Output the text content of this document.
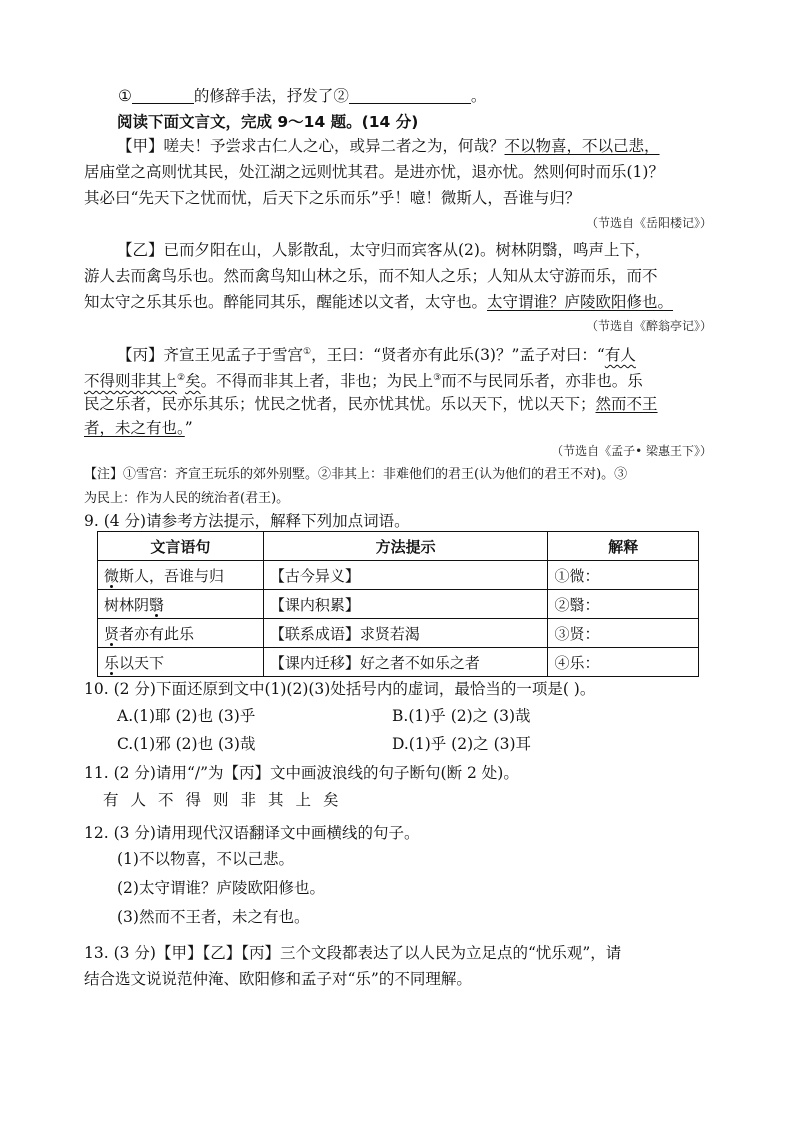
①	的修辞手法，抒发了②	。
阅读下面文言文，完成 9～14 题。(14 分)
【甲】嗟夫！予尝求古仁人之心，或异二者之为，何哉？不以物喜，不以己悲，
居庙堂之高则忧其民，处江湖之远则忧其君。是进亦忧，退亦忧。然则何时而乐(1)？
其必曰“先天下之忧而忧，后天下之乐而乐”乎！噫！微斯人，吾谁与归？
（节选自《岳阳楼记》）
【乙】已而夕阳在山，人影散乱，太守归而宾客从(2)。树林阴翳，鸣声上下，
游人去而禽鸟乐也。然而禽鸟知山林之乐，而不知人之乐；人知从太守游而乐，而不
知太守之乐其乐也。醉能同其乐，醒能述以文者，太守也。太守谓谁？庐陵欧阳修也。
（节选自《醉翁亭记》）
【丙】齐宣王见孟子于雪宫①，王曰：“贤者亦有此乐(3)？”孟子对曰：“有人
不得则非其上②矣。不得而非其上者，非也；为民上③而不与民同乐者，亦非也。乐
民之乐者，民亦乐其乐；忧民之忧者，民亦忧其忧。乐以天下，忧以天下；然而不王
者，未之有也。”
（节选自《孟子• 梁惠王下》）
【注】①雪宫：齐宣王玩乐的郊外别墅。②非其上：非难他们的君王(认为他们的君王不对)。③
为民上：作为人民的统治者(君王)。
9. (4 分)请参考方法提示，解释下列加点词语。
文言语句	方法提示	解释
微斯人，吾谁与归	【古今异义】	①微：
树林阴翳	【课内积累】	②翳：
贤者亦有此乐	【联系成语】求贤若渴	③贤：
乐以天下	【课内迁移】好之者不如乐之者	④乐：
10. (2 分)下面还原到文中(1)(2)(3)处括号内的虚词，最恰当的一项是( )。
A.(1)耶 (2)也 (3)乎	B.(1)乎 (2)之 (3)哉
C.(1)邪 (2)也 (3)哉	D.(1)乎 (2)之 (3)耳
11. (2 分)请用“/”为【丙】文中画波浪线的句子断句(断 2 处)。
有人不得则非其上矣
12. (3 分)请用现代汉语翻译文中画横线的句子。
(1)不以物喜，不以己悲。
(2)太守谓谁？庐陵欧阳修也。
(3)然而不王者，未之有也。
13. (3 分)【甲】【乙】【丙】三个文段都表达了以人民为立足点的“忧乐观”，请
结合选文说说范仲淹、欧阳修和孟子对“乐”的不同理解。
